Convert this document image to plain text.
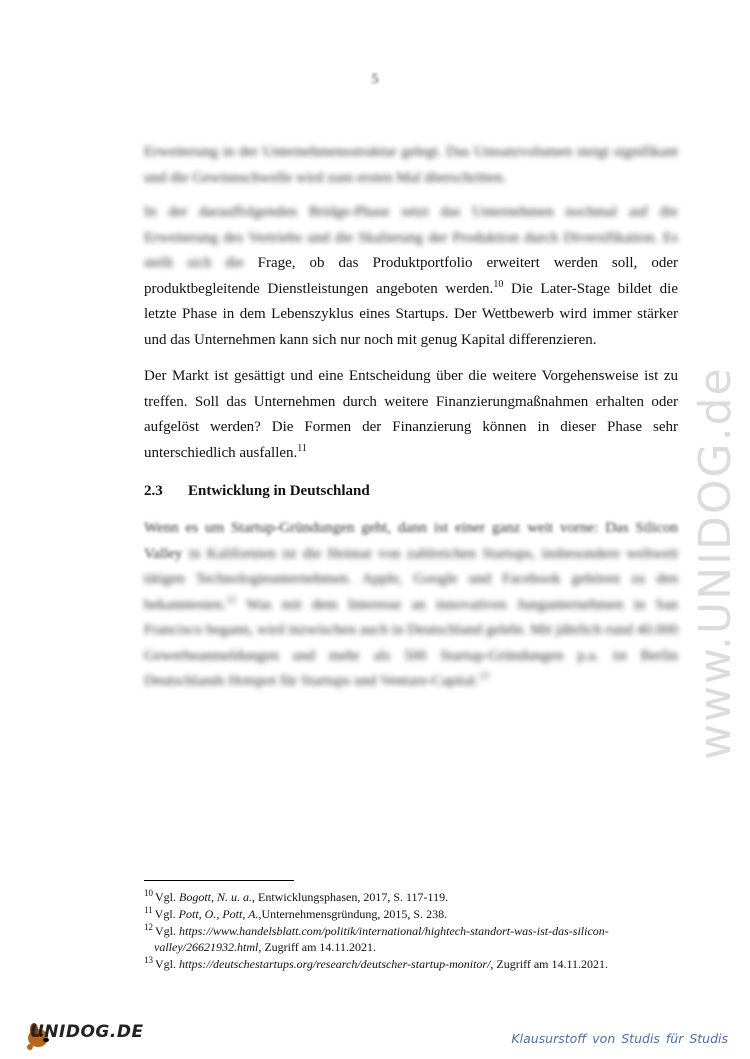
5

Erweiterung in der Unternehmensstruktur gelegt. Das Umsatzvolumen steigt signifikant und die Gewinnschwelle wird zum ersten Mal überschritten.

In der darauffolgenden Bridge-Phase setzt das Unternehmen nochmal auf die Erweiterung des Vertriebs und die Skalierung der Produktion durch Diversifikation. Es stellt sich die Frage, ob das Produktportfolio erweitert werden soll, oder produktbegleitende Dienstleistungen angeboten werden.$^{10}$ Die Later-Stage bildet die letzte Phase in dem Lebenszyklus eines Startups. Der Wettbewerb wird immer stärker und das Unternehmen kann sich nur noch mit genug Kapital differenzieren.

Der Markt ist gesättigt und eine Entscheidung über die weitere Vorgehensweise ist zu treffen. Soll das Unternehmen durch weitere Finanzierungmaßnahmen erhalten oder aufgelöst werden? Die Formen der Finanzierung können in dieser Phase sehr unterschiedlich ausfallen.$^{11}$

2.3 Entwicklung in Deutschland

Wenn es um Startup-Gründungen geht, dann ist einer ganz weit vorne: Das Silicon Valley in Kalifornien ist die Heimat von zahlreichen Startups, insbesondere weltweit tätigen Technologieunternehmen. Apple, Google und Facebook gehören zu den bekanntesten.$^{12}$ Was mit dem Interesse an innovativen Jungunternehmen in San Francisco begann, wird inzwischen auch in Deutschland gelebt. Mit jährlich rund 40.000 Gewerbeanmeldungen und mehr als 500 Startup-Gründungen p.a. ist Berlin Deutschlands Hotspot für Startups und Venture-Capital.$^{13}$

$^{10}$ Vgl. Bogott, N. u. a., Entwicklungsphasen, 2017, S. 117-119.
$^{11}$ Vgl. Pott, O., Pott, A.,Unternehmensgründung, 2015, S. 238.
$^{12}$ Vgl. https://www.handelsblatt.com/politik/international/hightech-standort-was-ist-das-silicon-
valley/26621932.html, Zugriff am 14.11.2021.
$^{13}$ Vgl. https://deutschestartups.org/research/deutscher-startup-monitor/, Zugriff am 14.11.2021.
www.UNIDOG.de
UNIDOG.DE	Klausurstoff von Studis für Studis
